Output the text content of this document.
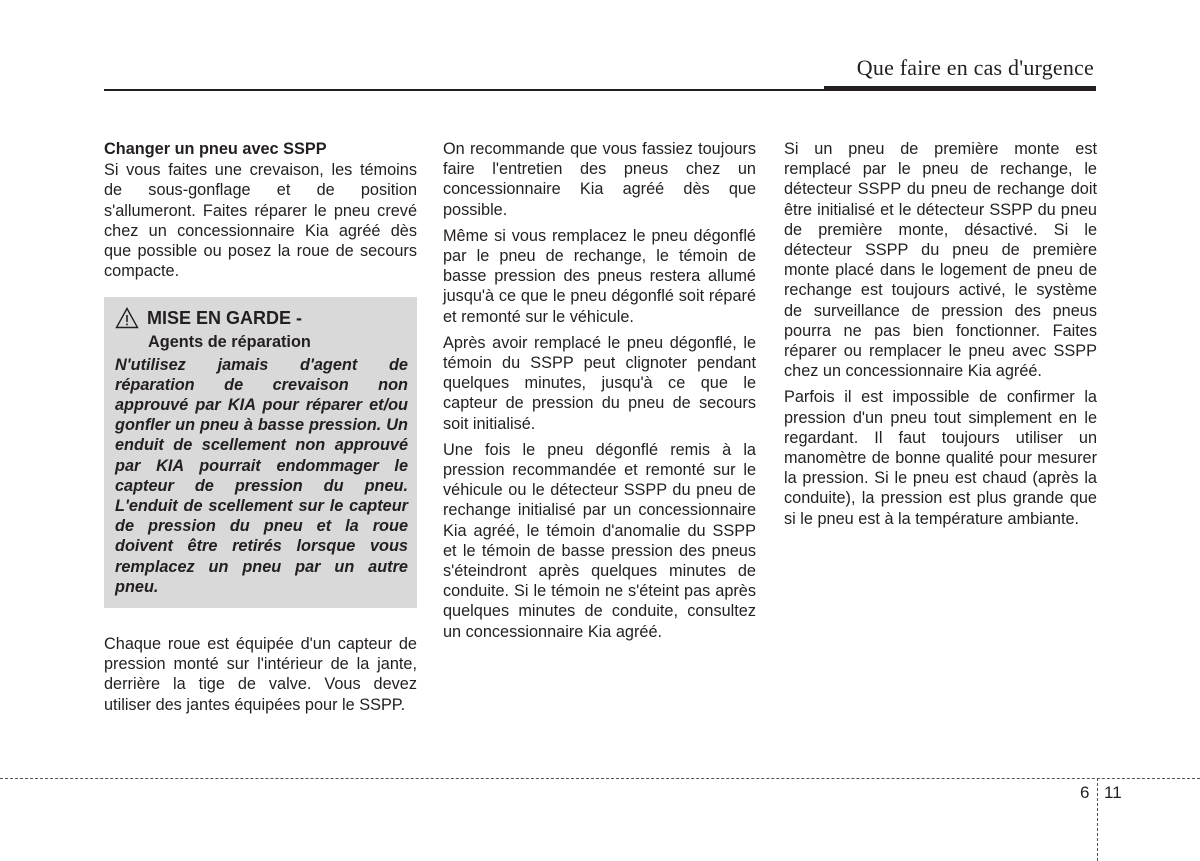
Que faire en cas d'urgence
Changer un pneu avec SSPP

Si vous faites une crevaison, les témoins de sous-gonflage et de position s'allumeront. Faites réparer le pneu crevé chez un concessionnaire Kia agréé dès que possible ou posez la roue de secours compacte.

MISE EN GARDE -
Agents de réparation
N'utilisez jamais d'agent de réparation de crevaison non approuvé par KIA pour réparer et/ou gonfler un pneu à basse pression. Un enduit de scellement non approuvé par KIA pourrait endommager le capteur de pression du pneu. L'enduit de scellement sur le capteur de pression du pneu et la roue doivent être retirés lorsque vous remplacez un pneu par un autre pneu.

Chaque roue est équipée d'un capteur de pression monté sur l'intérieur de la jante, derrière la tige de valve. Vous devez utiliser des jantes équipées pour le SSPP.

On recommande que vous fassiez toujours faire l'entretien des pneus chez un concessionnaire Kia agréé dès que possible.

Même si vous remplacez le pneu dégonflé par le pneu de rechange, le témoin de basse pression des pneus restera allumé jusqu'à ce que le pneu dégonflé soit réparé et remonté sur le véhicule.

Après avoir remplacé le pneu dégonflé, le témoin du SSPP peut clignoter pendant quelques minutes, jusqu'à ce que le capteur de pression du pneu de secours soit initialisé.

Une fois le pneu dégonflé remis à la pression recommandée et remonté sur le véhicule ou le détecteur SSPP du pneu de rechange initialisé par un concessionnaire Kia agréé, le témoin d'anomalie du SSPP et le témoin de basse pression des pneus s'éteindront après quelques minutes de conduite. Si le témoin ne s'éteint pas après quelques minutes de conduite, consultez un concessionnaire Kia agréé.

Si un pneu de première monte est remplacé par le pneu de rechange, le détecteur SSPP du pneu de rechange doit être initialisé et le détecteur SSPP du pneu de première monte, désactivé. Si le détecteur SSPP du pneu de première monte placé dans le logement de pneu de rechange est toujours activé, le système de surveillance de pression des pneus pourra ne pas bien fonctionner. Faites réparer ou remplacer le pneu avec SSPP chez un concessionnaire Kia agréé.

Parfois il est impossible de confirmer la pression d'un pneu tout simplement en le regardant. Il faut toujours utiliser un manomètre de bonne qualité pour mesurer la pression. Si le pneu est chaud (après la conduite), la pression est plus grande que si le pneu est à la température ambiante.

6 11
